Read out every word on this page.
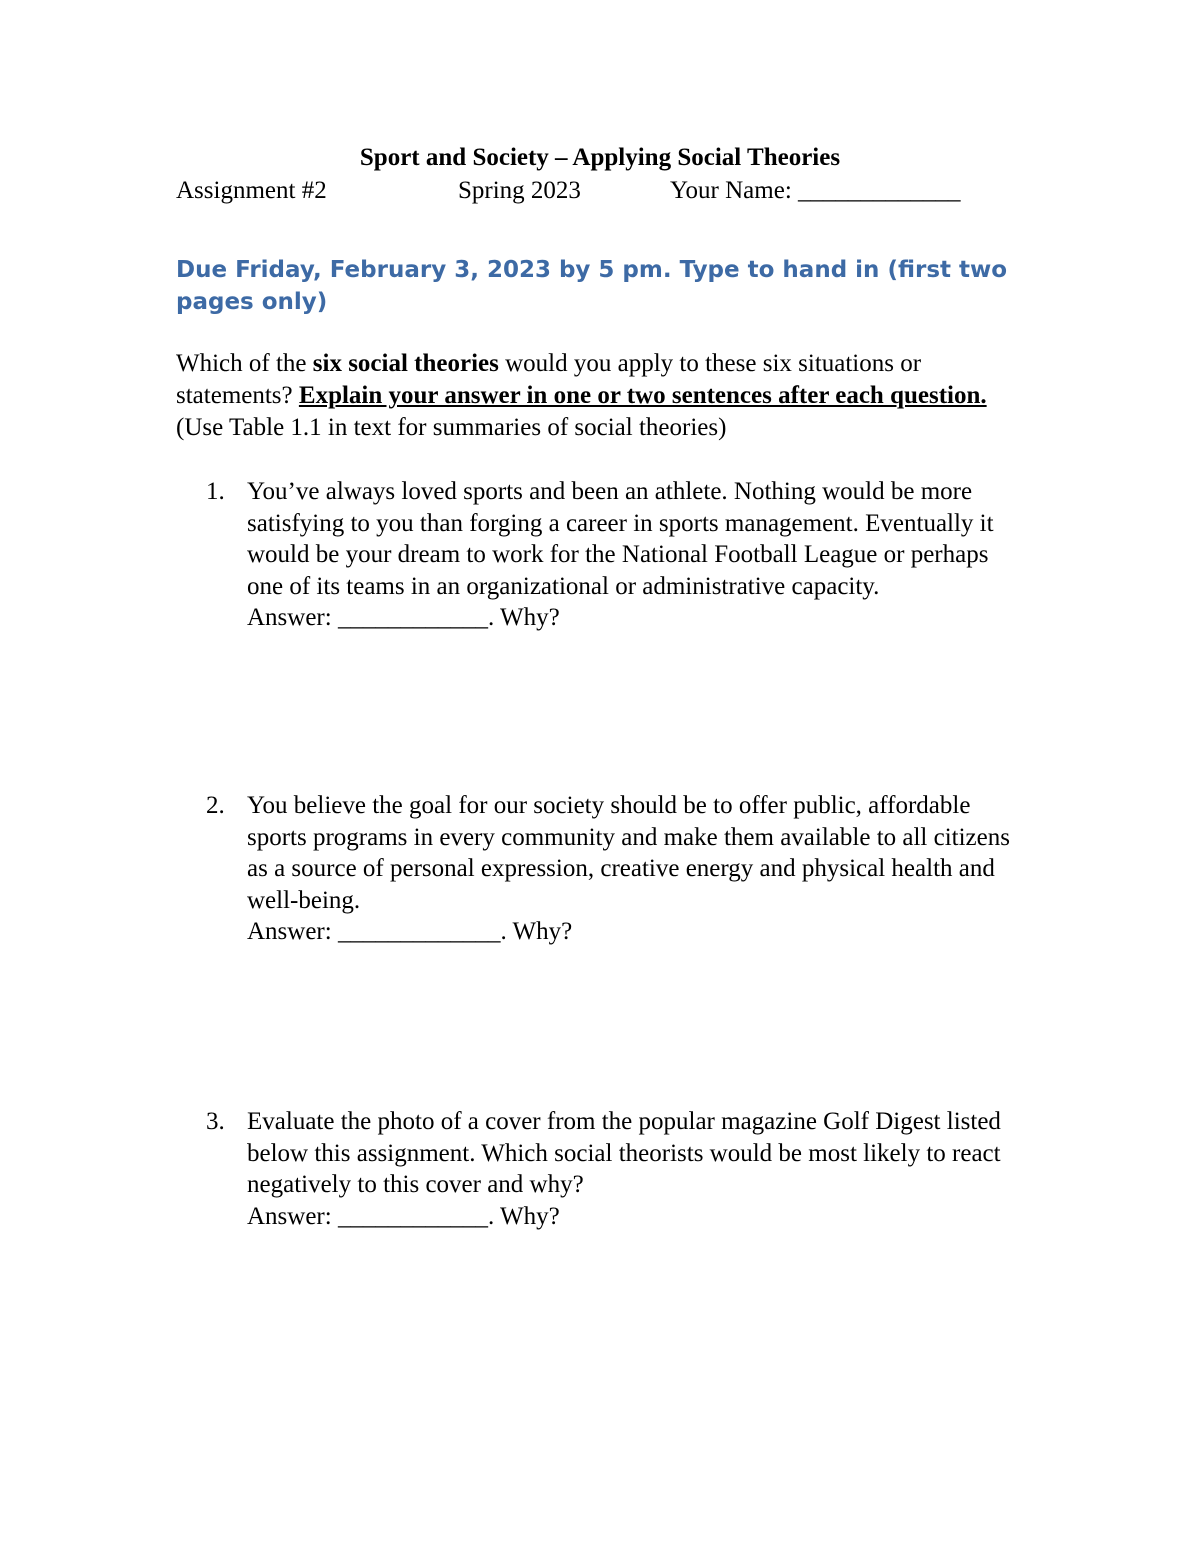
Sport and Society – Applying Social Theories
Assignment #2	Spring 2023	Your Name: _____________
Due Friday, February 3, 2023 by 5 pm. Type to hand in (first two pages only)
Which of the six social theories would you apply to these six situations or statements? Explain your answer in one or two sentences after each question. (Use Table 1.1 in text for summaries of social theories)
1. You’ve always loved sports and been an athlete. Nothing would be more satisfying to you than forging a career in sports management. Eventually it would be your dream to work for the National Football League or perhaps one of its teams in an organizational or administrative capacity.
Answer: ____________. Why?
2. You believe the goal for our society should be to offer public, affordable sports programs in every community and make them available to all citizens as a source of personal expression, creative energy and physical health and well-being.
Answer: _____________. Why?
3. Evaluate the photo of a cover from the popular magazine Golf Digest listed below this assignment. Which social theorists would be most likely to react negatively to this cover and why?
Answer: ____________. Why?
